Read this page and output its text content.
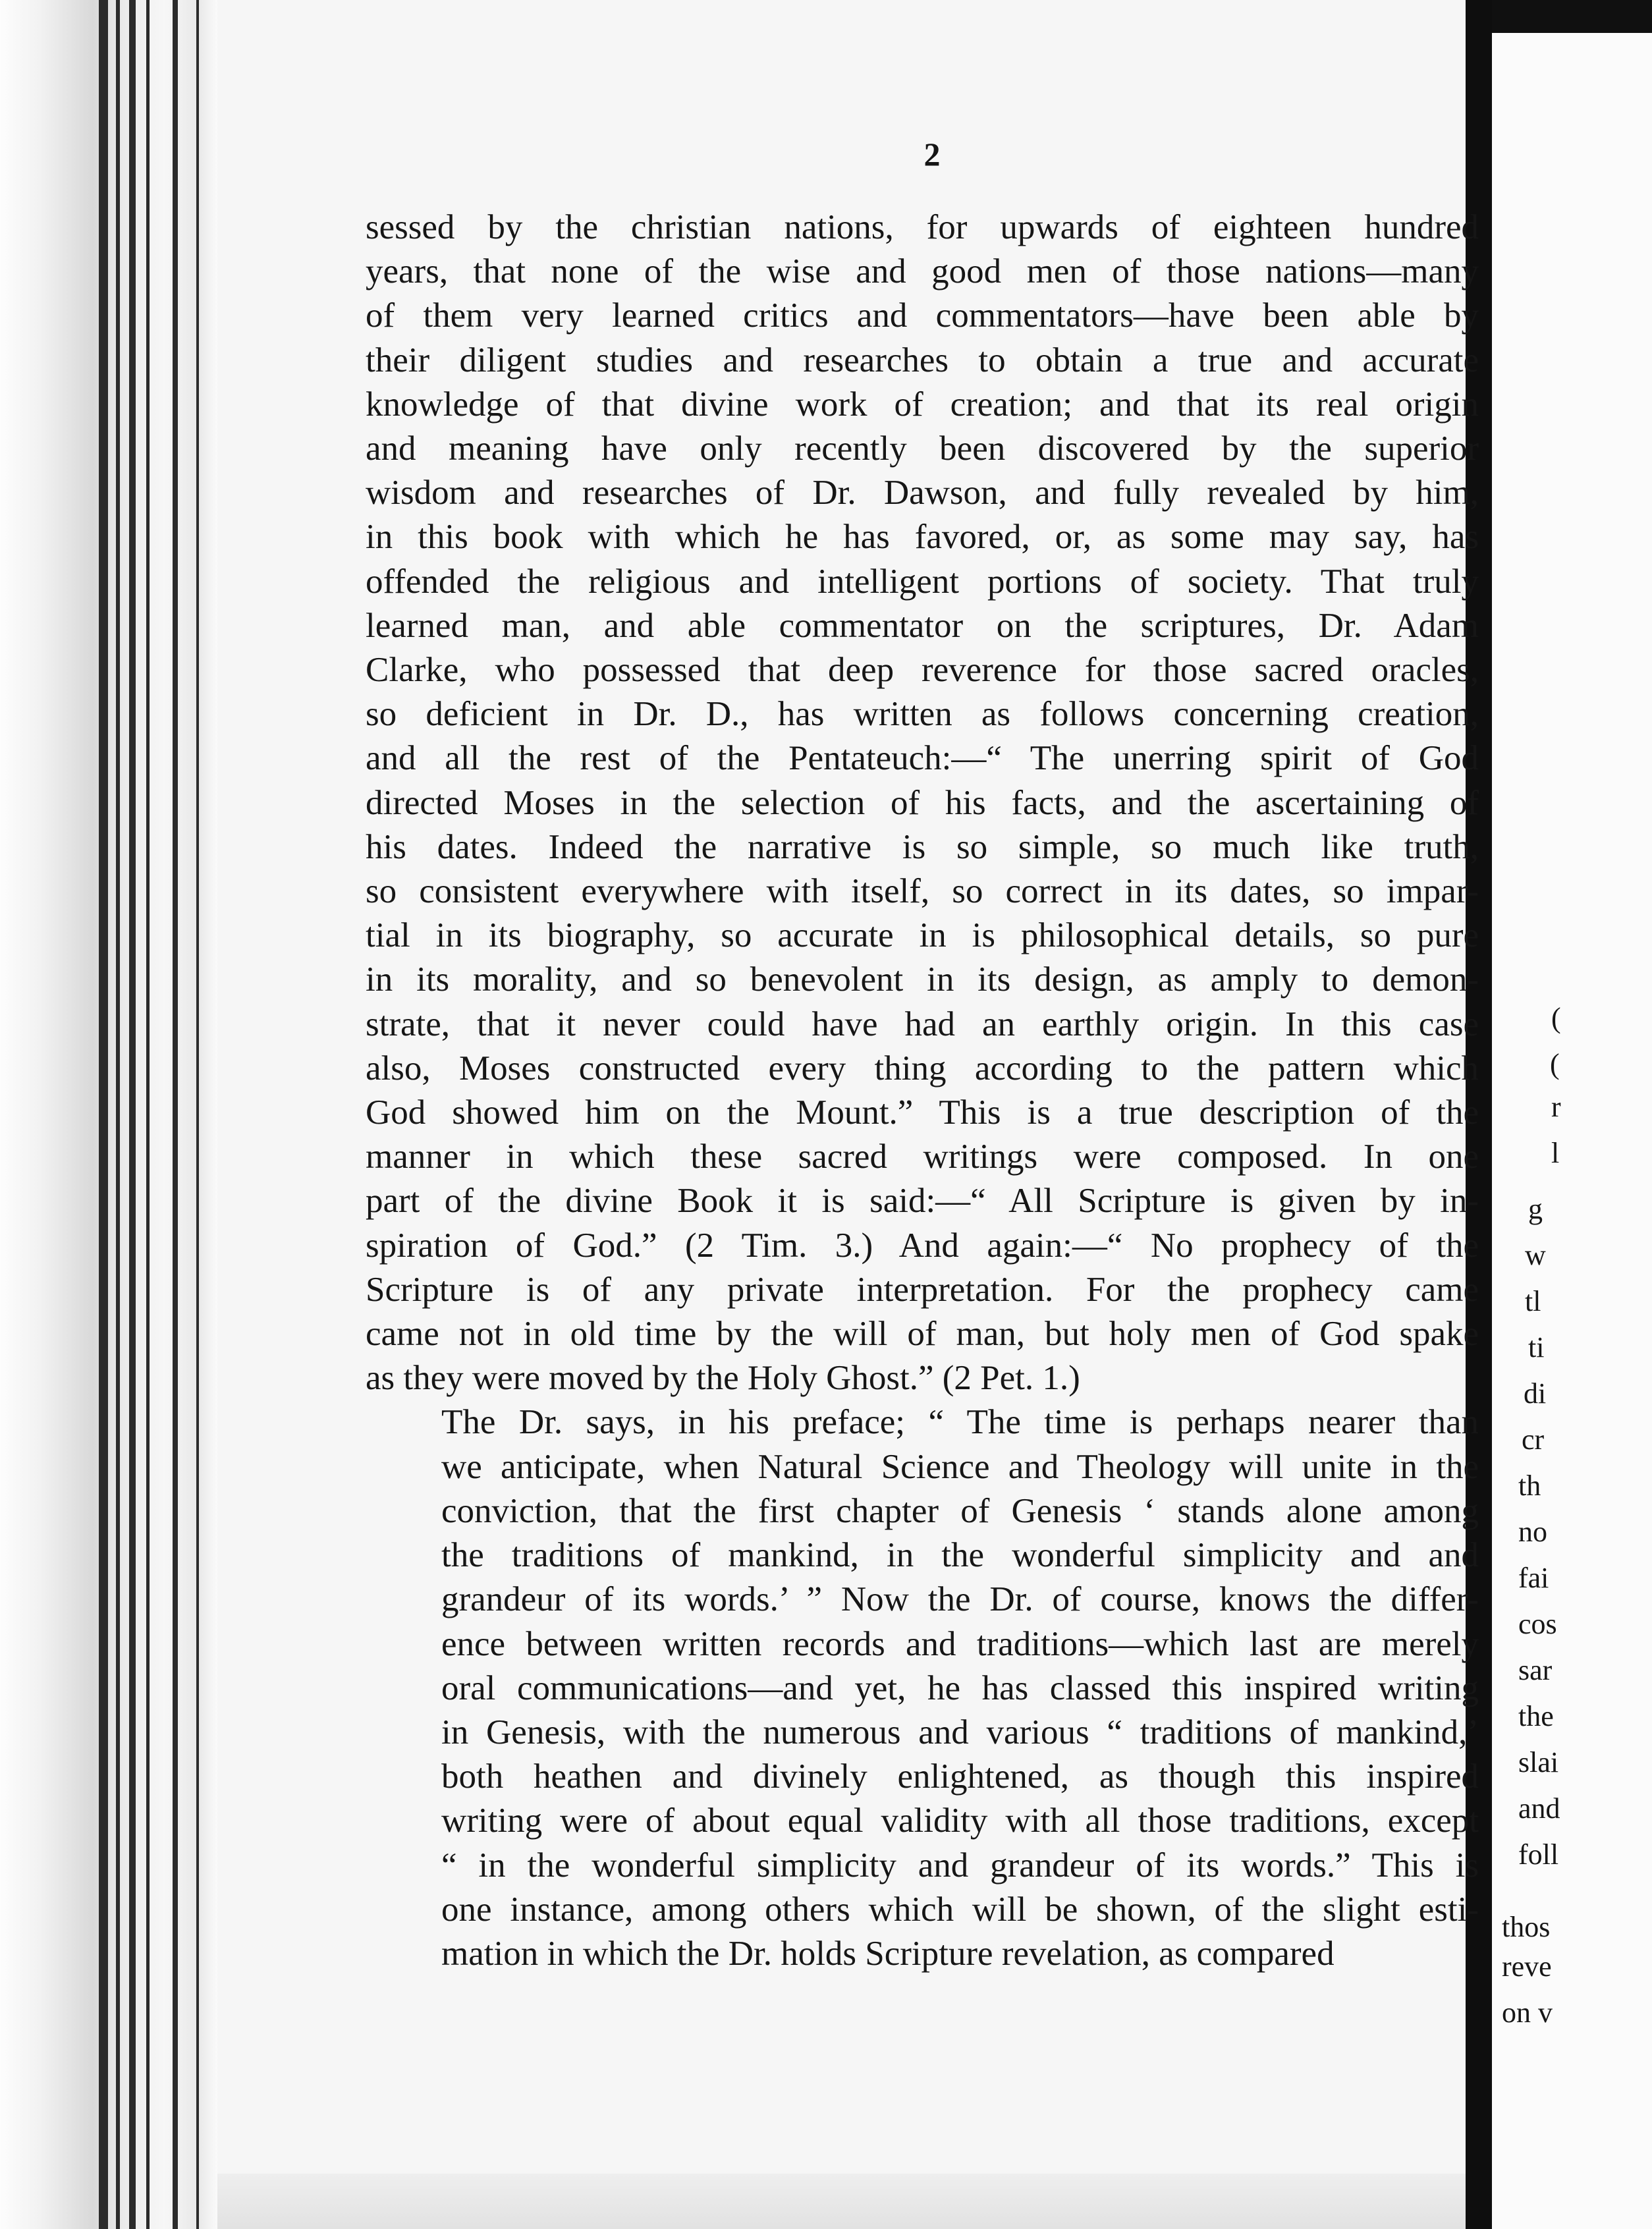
(
(
r
l
g
w
tl
ti
di
cr
th
no
fai
cos
sar
the
slai
and
foll
thos
reve
on v
2

sessed by the christian nations, for upwards of eighteen hundred
years, that none of the wise and good men of those nations—many
of them very learned critics and commentators—have been able by
their diligent studies and researches to obtain a true and accurate
knowledge of that divine work of creation; and that its real origin
and meaning have only recently been discovered by the superior
wisdom and researches of Dr. Dawson, and fully revealed by him,
in this book with which he has favored, or, as some may say, has
offended the religious and intelligent portions of society. That truly
learned man, and able commentator on the scriptures, Dr. Adam
Clarke, who possessed that deep reverence for those sacred oracles,
so deficient in Dr. D., has written as follows concerning creation,
and all the rest of the Pentateuch:—“ The unerring spirit of God
directed Moses in the selection of his facts, and the ascertaining of
his dates. Indeed the narrative is so simple, so much like truth,
so consistent everywhere with itself, so correct in its dates, so impar-
tial in its biography, so accurate in is philosophical details, so pure
in its morality, and so benevolent in its design, as amply to demon-
strate, that it never could have had an earthly origin. In this case
also, Moses constructed every thing according to the pattern which
God showed him on the Mount.” This is a true description of the
manner in which these sacred writings were composed. In one
part of the divine Book it is said:—“ All Scripture is given by in-
spiration of God.” (2 Tim. 3.) And again:—“ No prophecy of the
Scripture is of any private interpretation. For the prophecy came
came not in old time by the will of man, but holy men of God spake
as they were moved by the Holy Ghost.” (2 Pet. 1.)

The Dr. says, in his preface; “ The time is perhaps nearer than
we anticipate, when Natural Science and Theology will unite in the
conviction, that the first chapter of Genesis ‘ stands alone among
the traditions of mankind, in the wonderful simplicity and and
grandeur of its words.’ ” Now the Dr. of course, knows the differ-
ence between written records and traditions—which last are merely
oral communications—and yet, he has classed this inspired writing
in Genesis, with the numerous and various “ traditions of mankind,’
both heathen and divinely enlightened, as though this inspired
writing were of about equal validity with all those traditions, except
“ in the wonderful simplicity and grandeur of its words.” This is
one instance, among others which will be shown, of the slight esti-
mation in which the Dr. holds Scripture revelation, as compared
